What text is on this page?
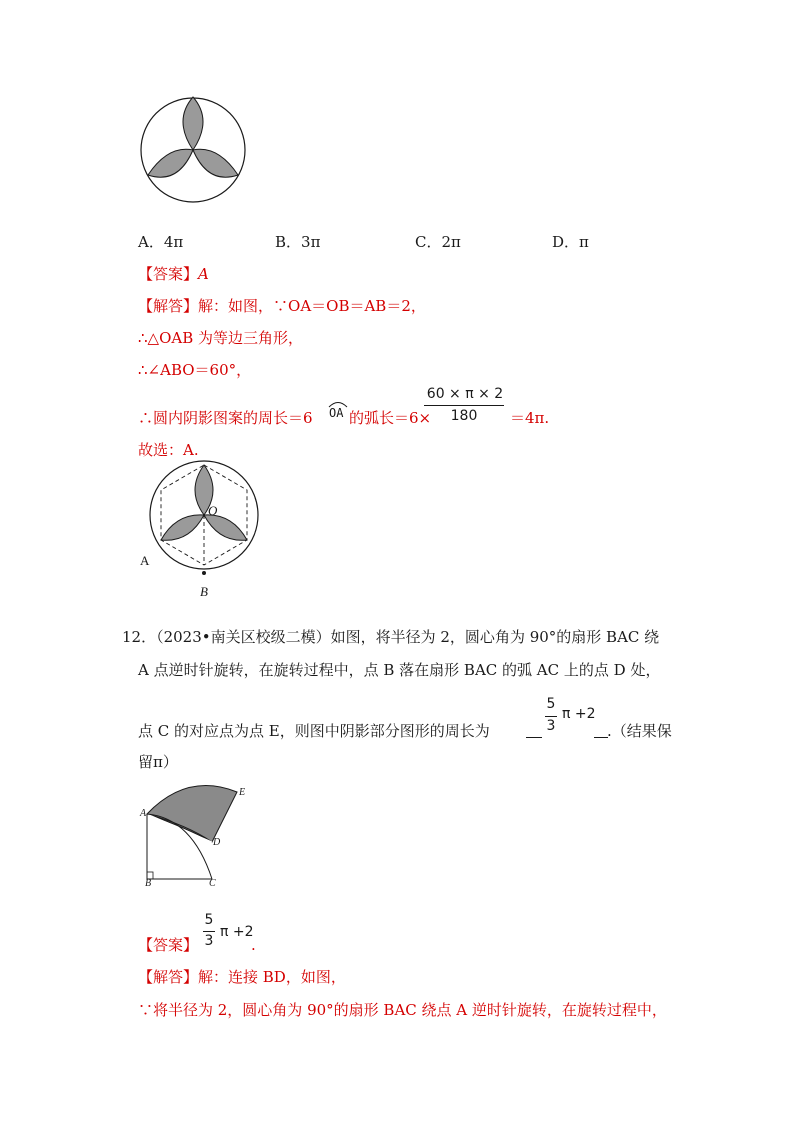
A．4π	B．3π	C．2π	D．π
【答案】A
【解答】解：如图，∵OA＝OB＝AB＝2，
∴△OAB 为等边三角形，
∴∠ABO＝60°，
∴圆内阴影图案的周长＝6 OA 的弧长＝6×
60 × π × 2
180	＝4π.
故选：A.
O
A
B
12．（2023•南关区校级二模）如图，将半径为 2，圆心角为 90°的扇形 BAC 绕
A 点逆时针旋转，在旋转过程中，点 B 落在扇形 BAC 的弧 AC 上的点 D 处，
点 C 的对应点为点 E，则图中阴影部分图形的周长为
5
3
π +2
.（结果保
留π）
E
A
D
B	C
【答案】
5
3
π +2
.
【解答】解：连接 BD，如图，
∵将半径为 2，圆心角为 90°的扇形 BAC 绕点 A 逆时针旋转，在旋转过程中，
